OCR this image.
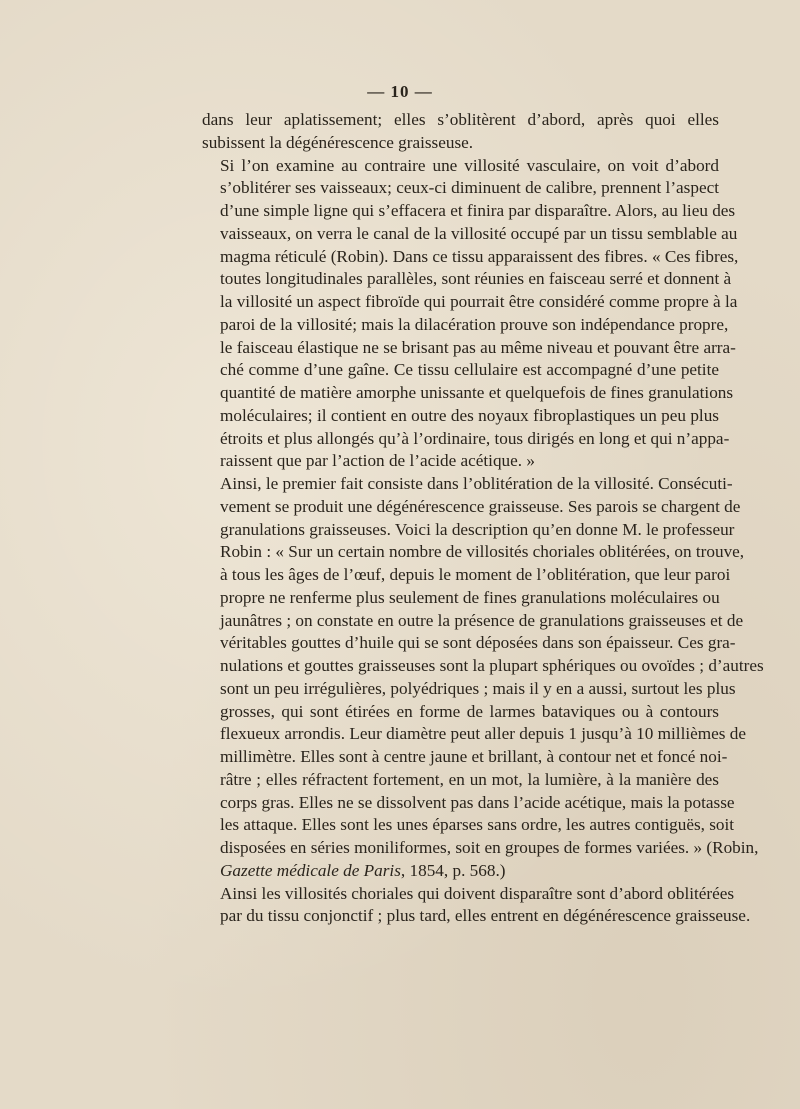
— 10 —

dans leur aplatissement; elles s’oblitèrent d’abord, après quoi elles
subissent la dégénérescence graisseuse.

Si l’on examine au contraire une villosité vasculaire, on voit d’abord
s’oblitérer ses vaisseaux; ceux-ci diminuent de calibre, prennent l’aspect
d’une simple ligne qui s’effacera et finira par disparaître. Alors, au lieu des
vaisseaux, on verra le canal de la villosité occupé par un tissu semblable au
magma réticulé (Robin). Dans ce tissu apparaissent des fibres. « Ces fibres,
toutes longitudinales parallèles, sont réunies en faisceau serré et donnent à
la villosité un aspect fibroïde qui pourrait être considéré comme propre à la
paroi de la villosité; mais la dilacération prouve son indépendance propre,
le faisceau élastique ne se brisant pas au même niveau et pouvant être arra-
ché comme d’une gaîne. Ce tissu cellulaire est accompagné d’une petite
quantité de matière amorphe unissante et quelquefois de fines granulations
moléculaires; il contient en outre des noyaux fibroplastiques un peu plus
étroits et plus allongés qu’à l’ordinaire, tous dirigés en long et qui n’appa-
raissent que par l’action de l’acide acétique. »

Ainsi, le premier fait consiste dans l’oblitération de la villosité. Consécuti-
vement se produit une dégénérescence graisseuse. Ses parois se chargent de
granulations graisseuses. Voici la description qu’en donne M. le professeur
Robin : « Sur un certain nombre de villosités choriales oblitérées, on trouve,
à tous les âges de l’œuf, depuis le moment de l’oblitération, que leur paroi
propre ne renferme plus seulement de fines granulations moléculaires ou
jaunâtres ; on constate en outre la présence de granulations graisseuses et de
véritables gouttes d’huile qui se sont déposées dans son épaisseur. Ces gra-
nulations et gouttes graisseuses sont la plupart sphériques ou ovoïdes ; d’autres
sont un peu irrégulières, polyédriques ; mais il y en a aussi, surtout les plus
grosses, qui sont étirées en forme de larmes bataviques ou à contours
flexueux arrondis. Leur diamètre peut aller depuis 1 jusqu’à 10 millièmes de
millimètre. Elles sont à centre jaune et brillant, à contour net et foncé noi-
râtre ; elles réfractent fortement, en un mot, la lumière, à la manière des
corps gras. Elles ne se dissolvent pas dans l’acide acétique, mais la potasse
les attaque. Elles sont les unes éparses sans ordre, les autres contiguës, soit
disposées en séries moniliformes, soit en groupes de formes variées. » (Robin,
Gazette médicale de Paris, 1854, p. 568.)

Ainsi les villosités choriales qui doivent disparaître sont d’abord oblitérées
par du tissu conjonctif ; plus tard, elles entrent en dégénérescence graisseuse.
